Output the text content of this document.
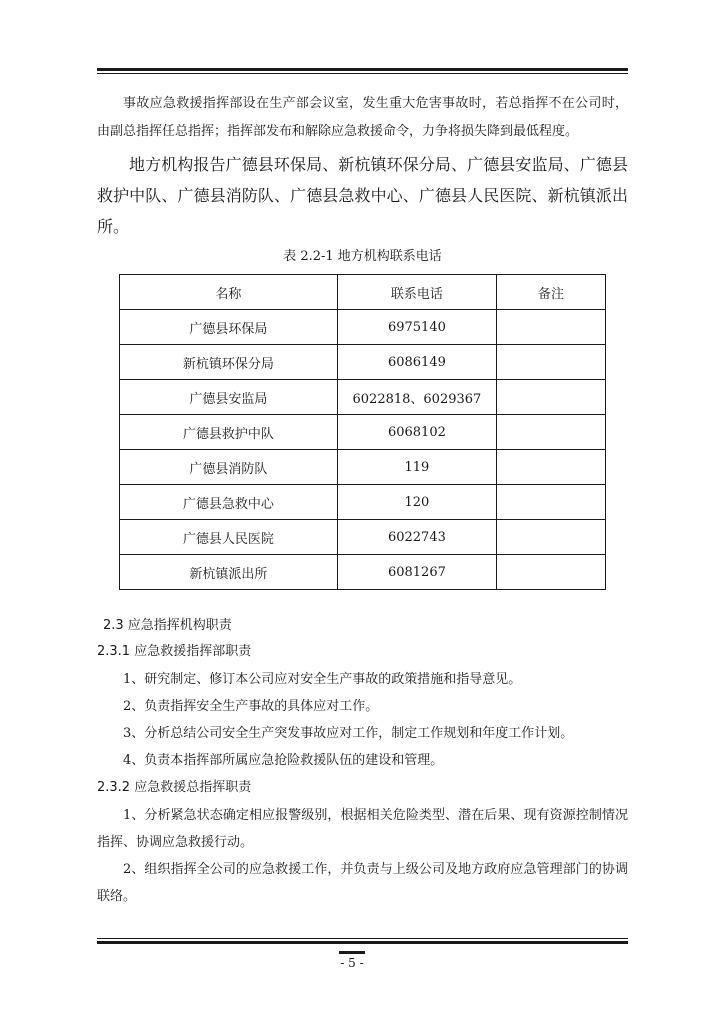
事故应急救援指挥部设在生产部会议室，发生重大危害事故时，若总指挥不在公司时，由副总指挥任总指挥；指挥部发布和解除应急救援命令，力争将损失降到最低程度。

地方机构报告广德县环保局、新杭镇环保分局、广德县安监局、广德县救护中队、广德县消防队、广德县急救中心、广德县人民医院、新杭镇派出所。

表 2.2-1 地方机构联系电话
名称	联系电话	备注
广德县环保局	6975140	
新杭镇环保分局	6086149	
广德县安监局	6022818、6029367	
广德县救护中队	6068102	
广德县消防队	119	
广德县急救中心	120	
广德县人民医院	6022743	
新杭镇派出所	6081267	
2.3 应急指挥机构职责
2.3.1 应急救援指挥部职责

1、研究制定、修订本公司应对安全生产事故的政策措施和指导意见。

2、负责指挥安全生产事故的具体应对工作。

3、分析总结公司安全生产突发事故应对工作，制定工作规划和年度工作计划。

4、负责本指挥部所属应急抢险救援队伍的建设和管理。

2.3.2 应急救援总指挥职责

1、分析紧急状态确定相应报警级别，根据相关危险类型、潜在后果、现有资源控制情况指挥、协调应急救援行动。

2、组织指挥全公司的应急救援工作，并负责与上级公司及地方政府应急管理部门的协调联络。

- 5 -
